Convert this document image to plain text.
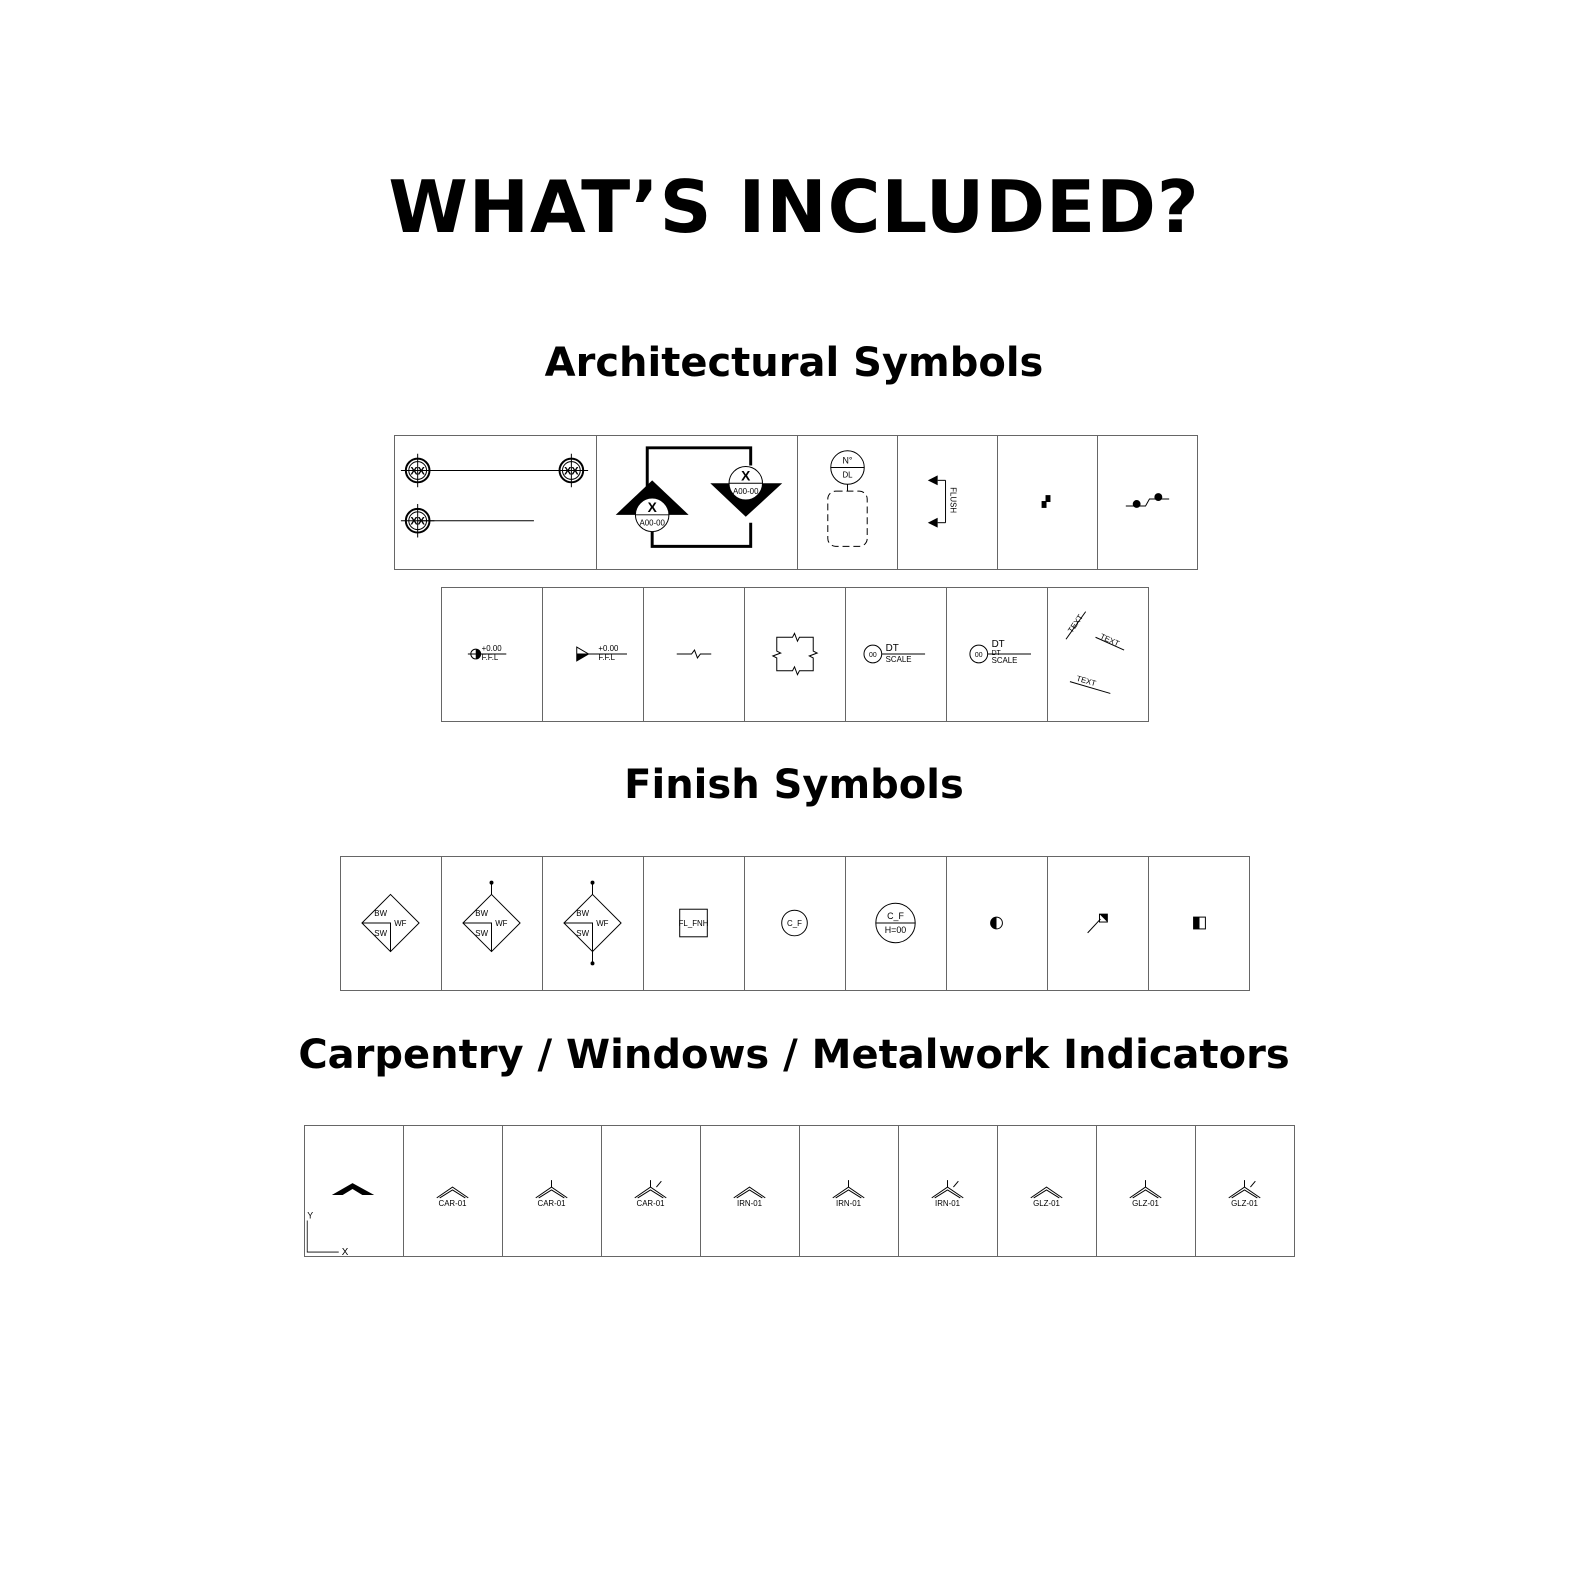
WHAT’S INCLUDED?
Architectural Symbols
XX	XX
XX
X
A00-00
X
A00-00
N°
DL
FLUSH
+0.00
F.F.L
+0.00
F.F.L	00
DT
SCALE	00
DT
DT
SCALE
TEXT
TEXT
TEXT
Finish Symbols
BW
WF
SW
BW
WF
SW
BW
WF
SW
FL_FNH	C_F
C_F
H=00
Carpentry / Windows / Metalwork Indicators
Y
X
CAR-01	CAR-01	CAR-01	IRN-01	IRN-01	IRN-01	GLZ-01	GLZ-01	GLZ-01
